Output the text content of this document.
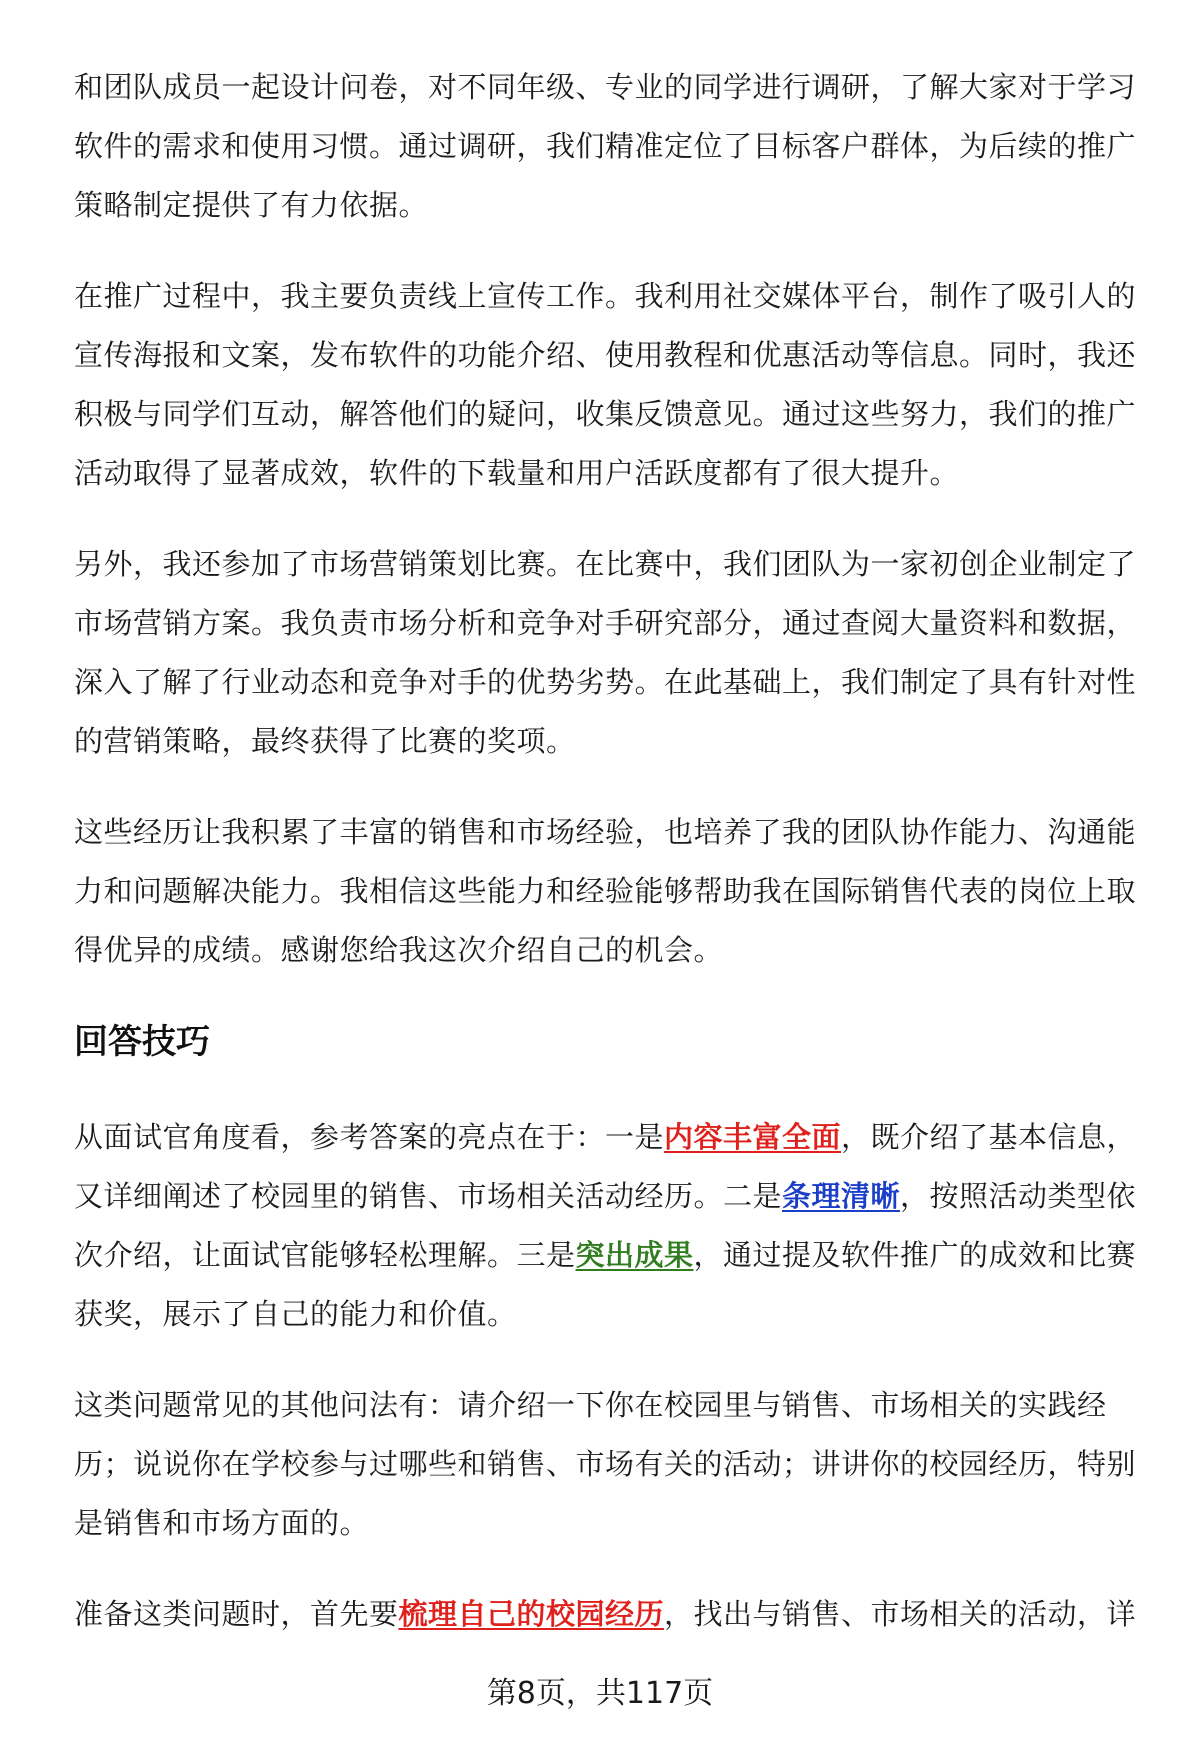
和团队成员一起设计问卷，对不同年级、专业的同学进行调研，了解大家对于学习软件的需求和使用习惯。通过调研，我们精准定位了目标客户群体，为后续的推广策略制定提供了有力依据。

在推广过程中，我主要负责线上宣传工作。我利用社交媒体平台，制作了吸引人的宣传海报和文案，发布软件的功能介绍、使用教程和优惠活动等信息。同时，我还积极与同学们互动，解答他们的疑问，收集反馈意见。通过这些努力，我们的推广活动取得了显著成效，软件的下载量和用户活跃度都有了很大提升。

另外，我还参加了市场营销策划比赛。在比赛中，我们团队为一家初创企业制定了市场营销方案。我负责市场分析和竞争对手研究部分，通过查阅大量资料和数据，深入了解了行业动态和竞争对手的优势劣势。在此基础上，我们制定了具有针对性的营销策略，最终获得了比赛的奖项。

这些经历让我积累了丰富的销售和市场经验，也培养了我的团队协作能力、沟通能力和问题解决能力。我相信这些能力和经验能够帮助我在国际销售代表的岗位上取得优异的成绩。感谢您给我这次介绍自己的机会。

回答技巧

从面试官角度看，参考答案的亮点在于：一是内容丰富全面，既介绍了基本信息，又详细阐述了校园里的销售、市场相关活动经历。二是条理清晰，按照活动类型依次介绍，让面试官能够轻松理解。三是突出成果，通过提及软件推广的成效和比赛获奖，展示了自己的能力和价值。

这类问题常见的其他问法有：请介绍一下你在校园里与销售、市场相关的实践经历；说说你在学校参与过哪些和销售、市场有关的活动；讲讲你的校园经历，特别是销售和市场方面的。

准备这类问题时，首先要梳理自己的校园经历，找出与销售、市场相关的活动，详

第8页，共117页
